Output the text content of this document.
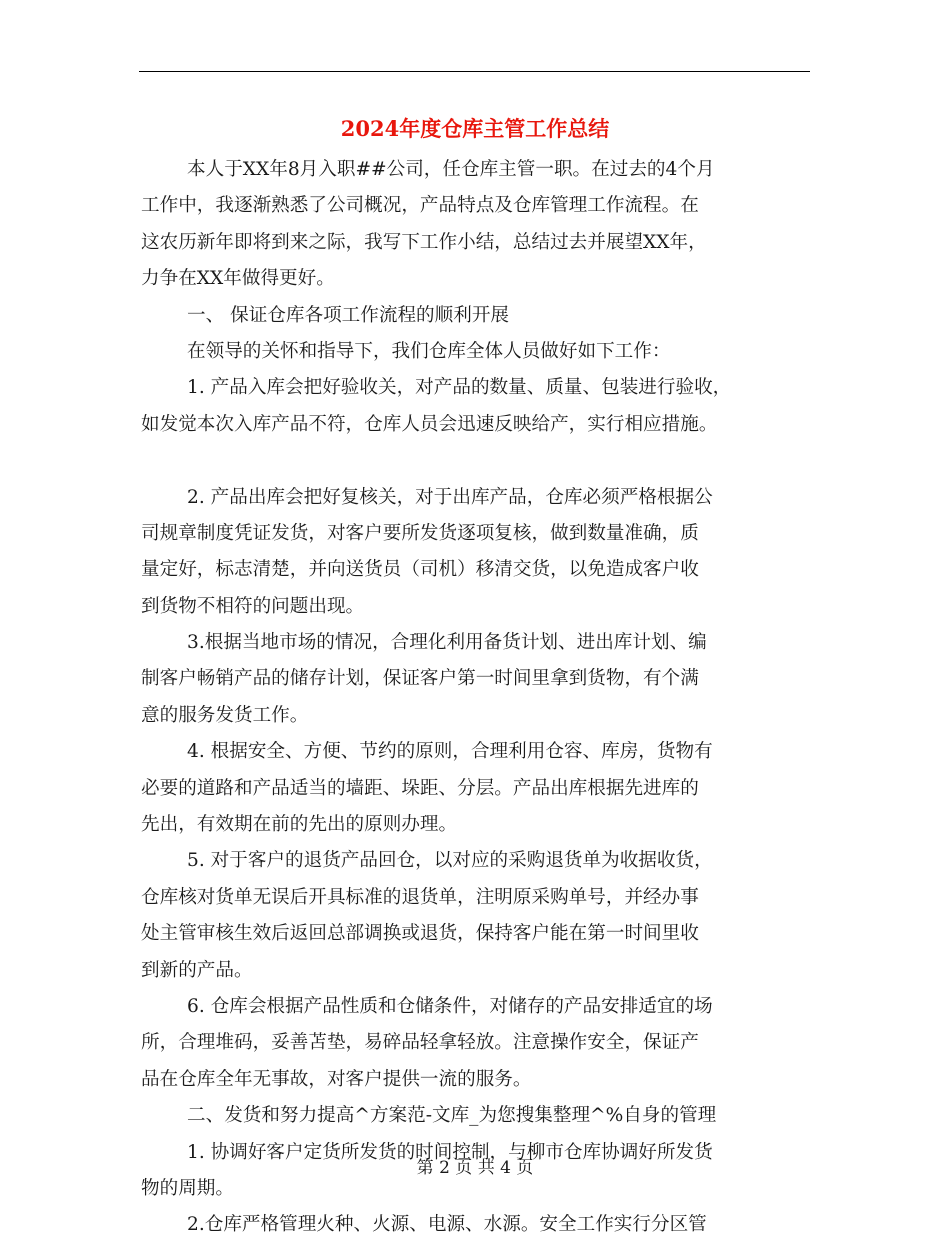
2024年度仓库主管工作总结
本人于XX年8月入职##公司，任仓库主管一职。在过去的4个月
工作中，我逐渐熟悉了公司概况，产品特点及仓库管理工作流程。在
这农历新年即将到来之际，我写下工作小结，总结过去并展望XX年，
力争在XX年做得更好。
一、 保证仓库各项工作流程的顺利开展
在领导的关怀和指导下，我们仓库全体人员做好如下工作：
1. 产品入库会把好验收关，对产品的数量、质量、包装进行验收，
如发觉本次入库产品不符，仓库人员会迅速反映给产，实行相应措施。
2. 产品出库会把好复核关，对于出库产品，仓库必须严格根据公
司规章制度凭证发货，对客户要所发货逐项复核，做到数量准确，质
量定好，标志清楚，并向送货员（司机）移清交货，以免造成客户收
到货物不相符的问题出现。
3.根据当地市场的情况，合理化利用备货计划、进出库计划、编
制客户畅销产品的储存计划，保证客户第一时间里拿到货物，有个满
意的服务发货工作。
4. 根据安全、方便、节约的原则，合理利用仓容、库房，货物有
必要的道路和产品适当的墙距、垛距、分层。产品出库根据先进库的
先出，有效期在前的先出的原则办理。
5. 对于客户的退货产品回仓，以对应的采购退货单为收据收货，
仓库核对货单无误后开具标准的退货单，注明原采购单号，并经办事
处主管审核生效后返回总部调换或退货，保持客户能在第一时间里收
到新的产品。
6. 仓库会根据产品性质和仓储条件，对储存的产品安排适宜的场
所，合理堆码，妥善苫垫，易碎品轻拿轻放。注意操作安全，保证产
品在仓库全年无事故，对客户提供一流的服务。
二、发货和努力提高^方案范-文库_为您搜集整理^%自身的管理
1. 协调好客户定货所发货的时间控制，与柳市仓库协调好所发货
物的周期。
2.仓库严格管理火种、火源、电源、水源。安全工作实行分区管
第 2 页 共 4 页
